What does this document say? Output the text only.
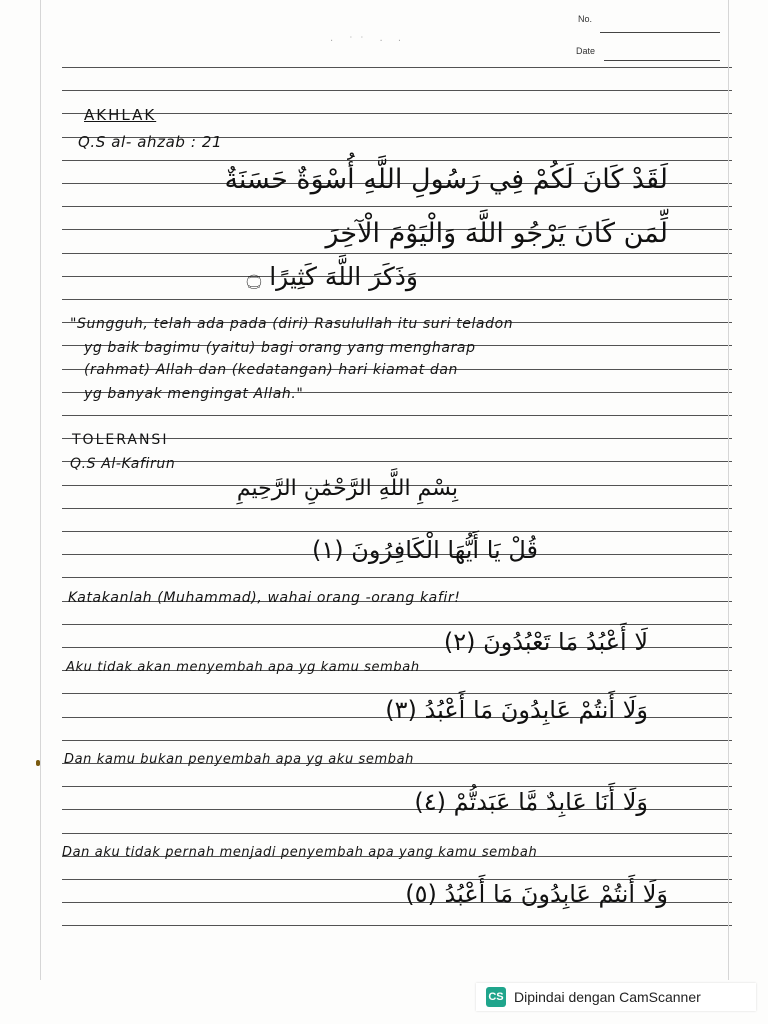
No.
Date
· ˙˙ · ·
AKHLAK
Q.S al- ahzab : 21
لَقَدْ كَانَ لَكُمْ فِي رَسُولِ اللَّهِ أُسْوَةٌ حَسَنَةٌ
لِّمَن كَانَ يَرْجُو اللَّهَ وَالْيَوْمَ الْآخِرَ
وَذَكَرَ اللَّهَ كَثِيرًا ۝
"Sungguh, telah ada pada (diri) Rasulullah itu suri teladon
yg baik bagimu (yaitu) bagi orang yang mengharap
(rahmat) Allah dan (kedatangan) hari kiamat dan
yg banyak mengingat Allah."
TOLERANSI
Q.S Al-Kafirun
بِسْمِ اللَّهِ الرَّحْمَٰنِ الرَّحِيمِ
قُلْ يَا أَيُّهَا الْكَافِرُونَ (١)
Katakanlah (Muhammad), wahai orang -orang kafir!
لَا أَعْبُدُ مَا تَعْبُدُونَ (٢)
Aku tidak akan menyembah apa yg kamu sembah
وَلَا أَنتُمْ عَابِدُونَ مَا أَعْبُدُ (٣)
Dan kamu bukan penyembah apa yg aku sembah
وَلَا أَنَا عَابِدٌ مَّا عَبَدتُّمْ (٤)
Dan aku tidak pernah menjadi penyembah apa yang kamu sembah
وَلَا أَنتُمْ عَابِدُونَ مَا أَعْبُدُ (٥)
CS Dipindai dengan CamScanner
